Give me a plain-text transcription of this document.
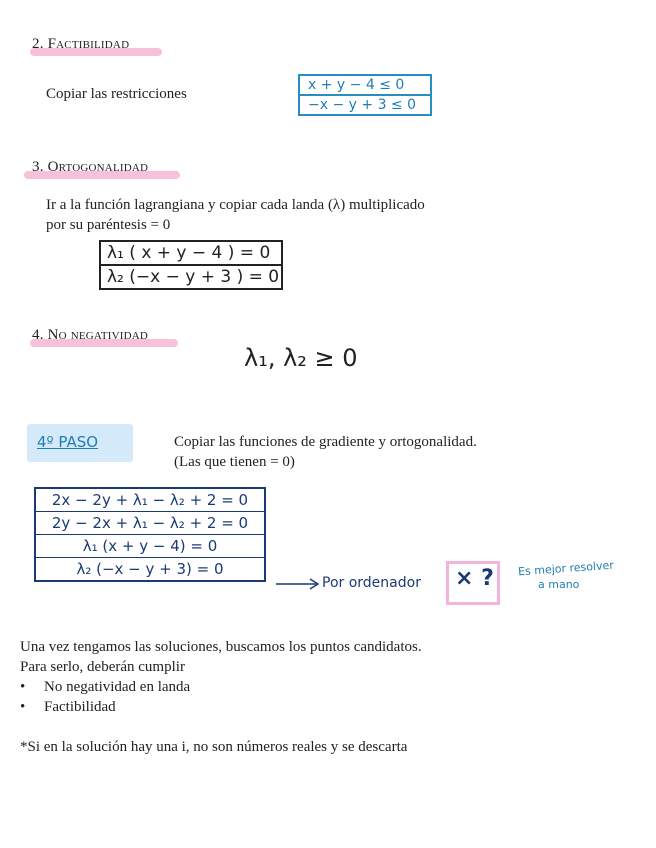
2. Factibilidad
Copiar las restricciones
x + y − 4 ≤ 0
−x − y + 3 ≤ 0
3. Ortogonalidad
Ir a la función lagrangiana y copiar cada landa (λ) multiplicado
por su paréntesis = 0
λ₁ ( x + y − 4 ) = 0
λ₂ (−x − y + 3 ) = 0
4. No negatividad
λ₁, λ₂ ≥ 0
4º PASO	Copiar las funciones de gradiente y ortogonalidad.
(Las que tienen = 0)
2x − 2y + λ₁ − λ₂ + 2 = 0
2y − 2x + λ₁ − λ₂ + 2 = 0
λ₁ (x + y − 4) = 0
λ₂ (−x − y + 3) = 0
Por ordenador × ? Es mejor resolver
a mano
Una vez tengamos las soluciones, buscamos los puntos candidatos.
Para serlo, deberán cumplir
• No negatividad en landa
• Factibilidad
*Si en la solución hay una i, no son números reales y se descarta
